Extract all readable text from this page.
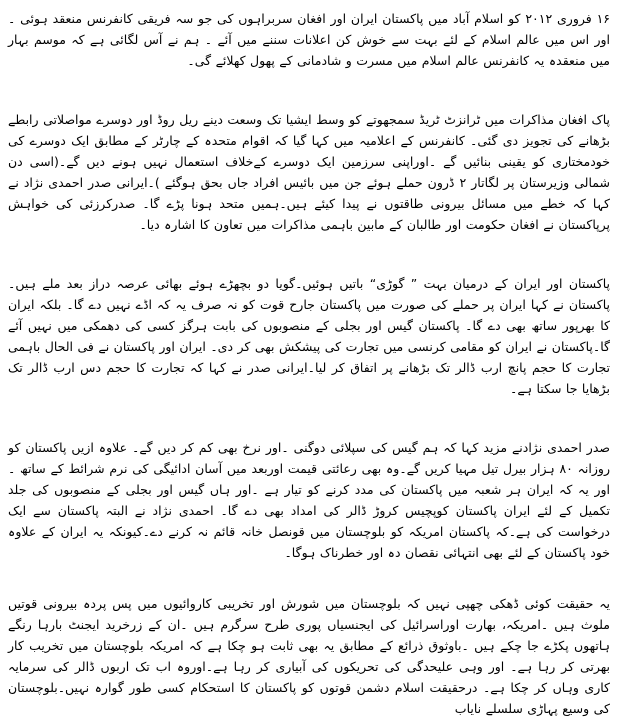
۱۶ فروری ۲۰۱۲ کو اسلام آباد میں پاکستان ایران اور افغان سربراہوں کی جو سہ فریقی کانفرنس منعقد ہوئی ۔ اور اس میں عالم اسلام کے لئے بہت سے خوش کن اعلانات سننے میں آئے ۔ ہم نے آس لگائی ہے کہ موسم بہار میں منعقدہ یہ کانفرنس عالم اسلام میں مسرت و شادمانی کے پھول کھلائے گی۔

پاک افغان مذاکرات میں ٹرانزٹ ٹریڈ سمجھوتے کو وسط ایشیا تک وسعت دینے ریل روڈ اور دوسرے مواصلاتی رابطے بڑھانے کی تجویز دی گئی۔ کانفرنس کے اعلامیہ میں کہا گیا کہ اقوام متحدہ کے چارٹر کے مطابق ایک دوسرے کی خودمختاری کو یقینی بنائیں گے ۔اوراپنی سرزمین ایک دوسرے کےخلاف استعمال نہیں ہونے دیں گے۔(اسی دن شمالی وزیرستان پر لگاتار ۲ ڈرون حملے ہوئے جن میں بائیس افراد جاں بحق ہوگئے )۔ایرانی صدر احمدی نژاد نے کہا کہ خطے میں مسائل بیرونی طاقتوں نے پیدا کیئے ہیں۔ہمیں متحد ہونا پڑے گا۔ صدرکرزئی کی خواہش پرپاکستان نے افغان حکومت اور طالبان کے مابین باہمی مذاکرات میں تعاون کا اشارہ دیا۔

پاکستان اور ایران کے درمیان بہت ” گوڑی“ باتیں ہوئیں۔گویا دو بچھڑے ہوئے بھائی عرصہ دراز بعد ملے ہیں۔ پاکستان نے کہا ایران پر حملے کی صورت میں پاکستان جارح قوت کو نہ صرف یہ کہ اڈے نہیں دے گا۔ بلکہ ایران کا بھرپور ساتھ بھی دے گا۔ پاکستان گیس اور بجلی کے منصوبوں کی بابت ہرگز کسی کی دھمکی میں نہیں آئے گا۔پاکستان نے ایران کو مقامی کرنسی میں تجارت کی پیشکش بھی کر دی۔ ایران اور پاکستان نے فی الحال باہمی تجارت کا حجم پانچ ارب ڈالر تک بڑھانے پر اتفاق کر لیا۔ایرانی صدر نے کہا کہ تجارت کا حجم دس ارب ڈالر تک بڑھایا جا سکتا ہے۔

صدر احمدی نژادنے مزید کہا کہ ہم گیس کی سپلائی دوگنی ۔اور نرخ بھی کم کر دیں گے۔ علاوہ ازیں پاکستان کو روزانہ ۸۰ ہزار بیرل تیل مہیا کریں گے۔وہ بھی رعائتی قیمت اوربعد میں آسان ادائیگی کی نرم شرائط کے ساتھ ۔ اور یہ کہ ایران ہر شعبہ میں پاکستان کی مدد کرنے کو تیار ہے ۔اور ہاں گیس اور بجلی کے منصوبوں کی جلد تکمیل کے لئے ایران پاکستان کوپچیس کروڑ ڈالر کی امداد بھی دے گا۔ احمدی نژاد نے البتہ پاکستان سے ایک درخواست کی ہے۔کہ پاکستان امریکہ کو بلوچستان میں قونصل خانہ قائم نہ کرنے دے۔کیونکہ یہ ایران کے علاوہ خود پاکستان کے لئے بھی انتہائی نقصان دہ اور خطرناک ہوگا۔

یہ حقیقت کوئی ڈھکی چھپی نہیں کہ بلوچستان میں شورش اور تخریبی کاروائیوں میں پس پردہ بیرونی قوتیں ملوث ہیں ۔امریکہ، بھارت اوراسرائیل کی ایجنسیاں پوری طرح سرگرم ہیں ۔ان کے زرخرید ایجنٹ بارہا رنگے ہاتھوں پکڑے جا چکے ہیں ۔باوثوق ذرائع کے مطابق یہ بھی ثابت ہو چکا ہے کہ امریکہ بلوچستان میں تخریب کار بھرتی کر رہا ہے۔ اور وہی علیحدگی کی تحریکوں کی آبیاری کر رہا ہے۔اوروہ اب تک اربوں ڈالر کی سرمایہ کاری وہاں کر چکا ہے۔ درحقیقت اسلام دشمن قوتوں کو پاکستان کا استحکام کسی طور گوارہ نہیں۔بلوچستان کی وسیع پہاڑی سلسلے نایاب
